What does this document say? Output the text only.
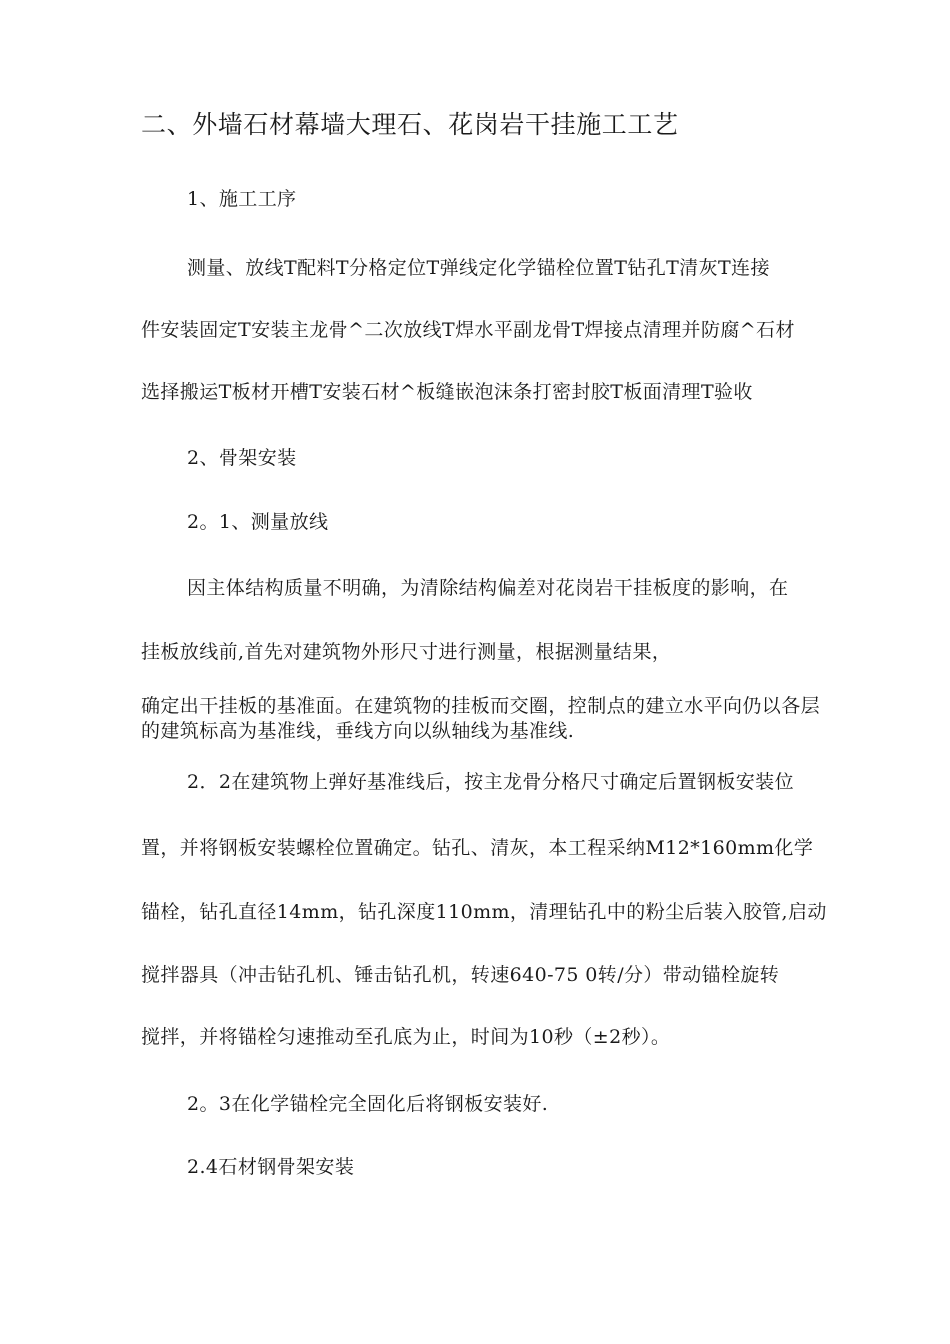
二、外墙石材幕墙大理石、花岗岩干挂施工工艺
1、施工工序
测量、放线T配料T分格定位T弹线定化学锚栓位置T钻孔T清灰T连接
件安装固定T安装主龙骨^二次放线T焊水平副龙骨T焊接点清理并防腐^石材
选择搬运T板材开槽T安装石材^板缝嵌泡沫条打密封胶T板面清理T验收
2、骨架安装
2。1、测量放线
因主体结构质量不明确，为清除结构偏差对花岗岩干挂板度的影响，在
挂板放线前,首先对建筑物外形尺寸进行测量，根据测量结果，
确定出干挂板的基准面。在建筑物的挂板而交圈，控制点的建立水平向仍以各层的建筑标高为基准线，垂线方向以纵轴线为基准线.
2．2在建筑物上弹好基准线后，按主龙骨分格尺寸确定后置钢板安装位
置，并将钢板安装螺栓位置确定。钻孔、清灰，本工程采纳M12*160mm化学
锚栓，钻孔直径14mm，钻孔深度110mm，清理钻孔中的粉尘后装入胶管,启动
搅拌器具（冲击钻孔机、锤击钻孔机，转速640-75 0转/分）带动锚栓旋转
搅拌，并将锚栓匀速推动至孔底为止，时间为10秒（±2秒）。
2。3在化学锚栓完全固化后将钢板安装好.
2.4石材钢骨架安装
